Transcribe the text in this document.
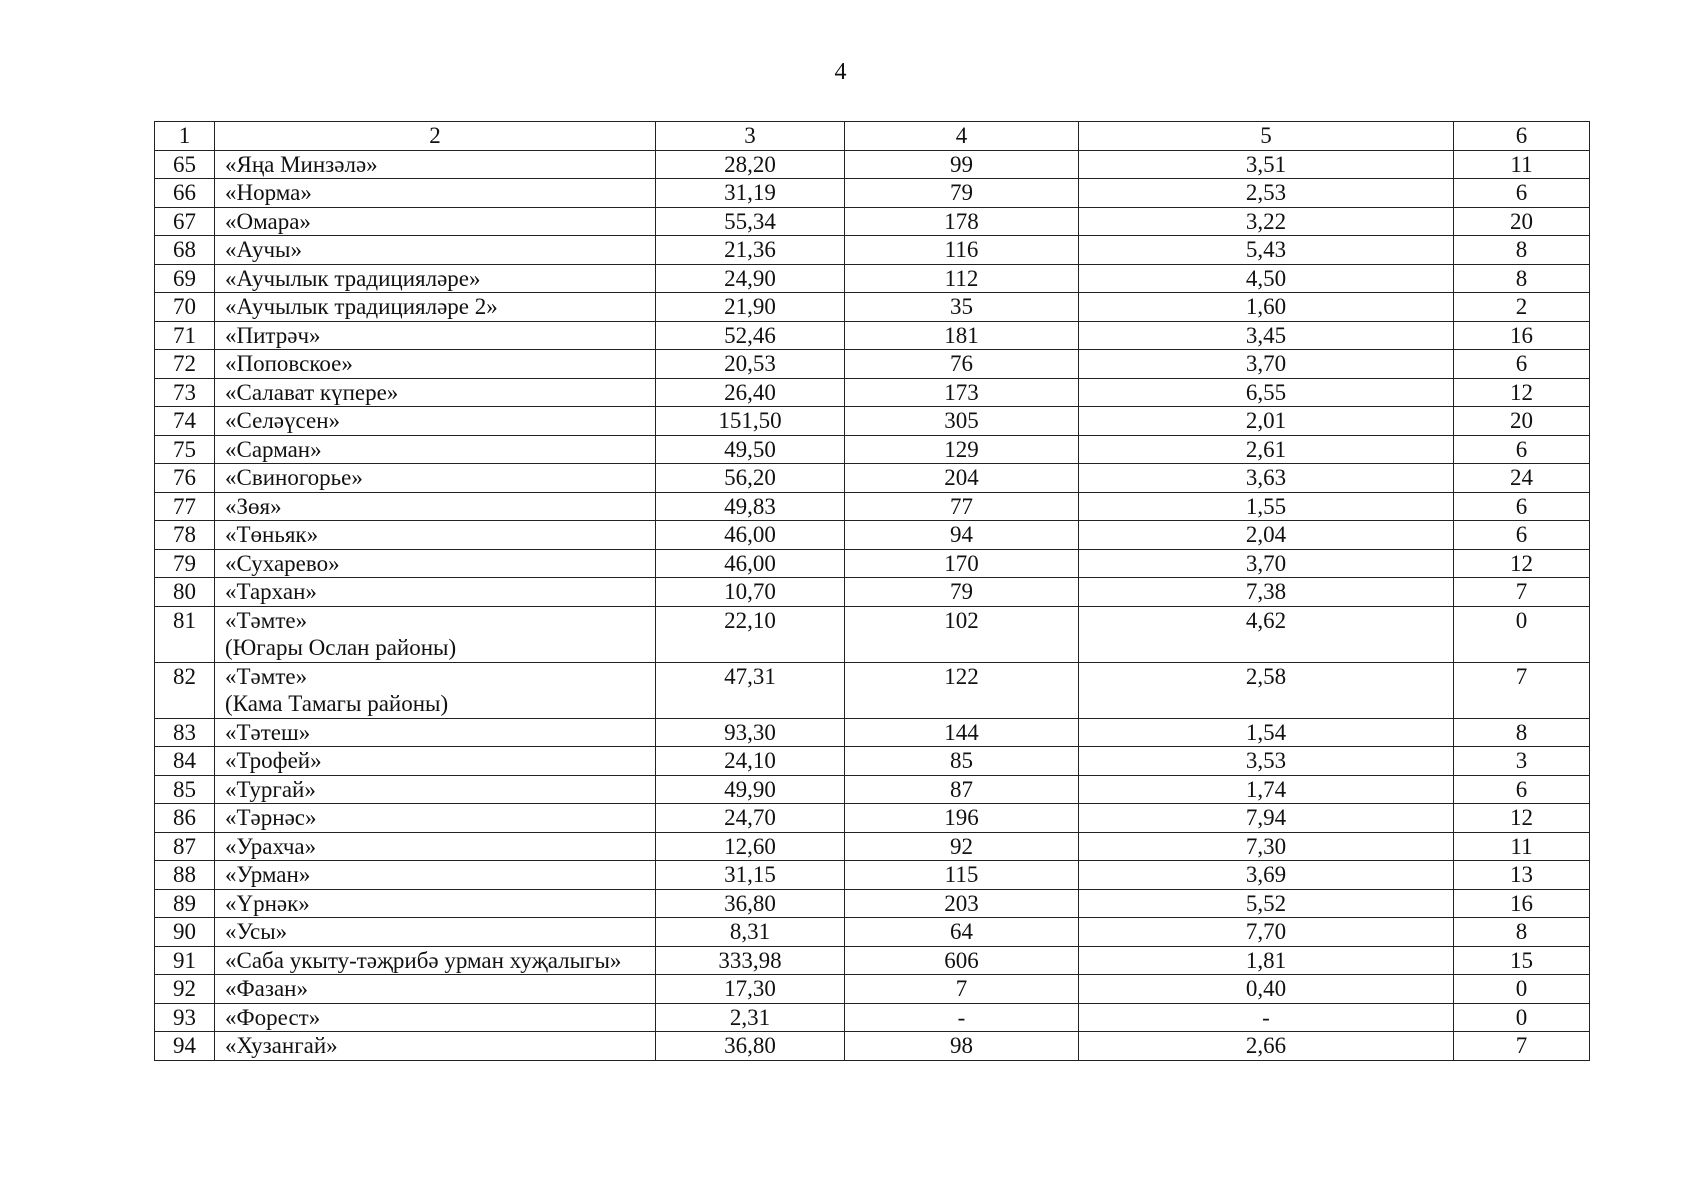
4
1	2	3	4	5	6
65	«Яңа Минзәлә»	28,20	99	3,51	11
66	«Норма»	31,19	79	2,53	6
67	«Омара»	55,34	178	3,22	20
68	«Аучы»	21,36	116	5,43	8
69	«Аучылык традицияләре»	24,90	112	4,50	8
70	«Аучылык традицияләре 2»	21,90	35	1,60	2
71	«Питрәч»	52,46	181	3,45	16
72	«Поповское»	20,53	76	3,70	6
73	«Салават күпере»	26,40	173	6,55	12
74	«Селәүсен»	151,50	305	2,01	20
75	«Сарман»	49,50	129	2,61	6
76	«Свиногорье»	56,20	204	3,63	24
77	«Зөя»	49,83	77	1,55	6
78	«Төньяк»	46,00	94	2,04	6
79	«Сухарево»	46,00	170	3,70	12
80	«Тархан»	10,70	79	7,38	7
81	«Тәмте»
(Югары Ослан районы)	22,10	102	4,62	0
82	«Тәмте»
(Кама Тамагы районы)	47,31	122	2,58	7
83	«Тәтеш»	93,30	144	1,54	8
84	«Трофей»	24,10	85	3,53	3
85	«Тургай»	49,90	87	1,74	6
86	«Тәрнәс»	24,70	196	7,94	12
87	«Урахча»	12,60	92	7,30	11
88	«Урман»	31,15	115	3,69	13
89	«Үрнәк»	36,80	203	5,52	16
90	«Усы»	8,31	64	7,70	8
91	«Саба укыту-тәҗрибә урман хуҗалыгы»	333,98	606	1,81	15
92	«Фазан»	17,30	7	0,40	0
93	«Форест»	2,31	-	-	0
94	«Хузангай»	36,80	98	2,66	7
